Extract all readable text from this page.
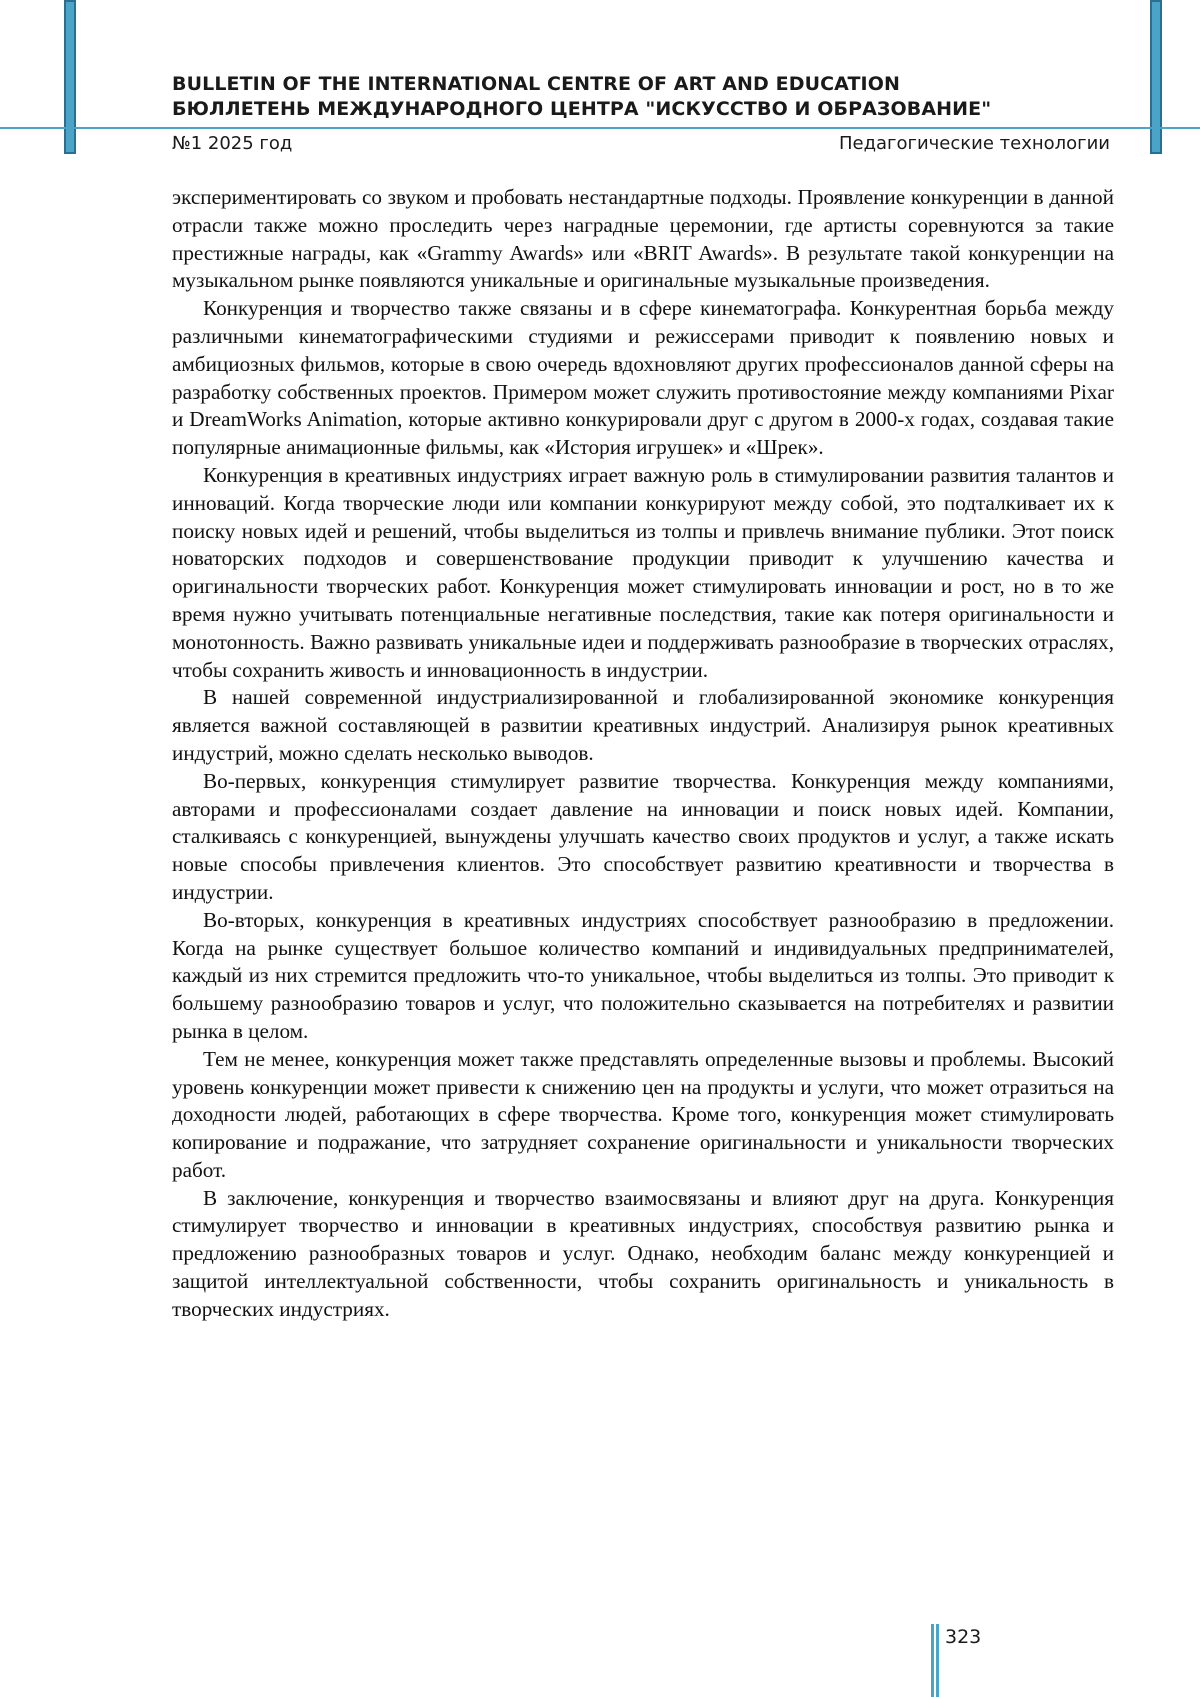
BULLETIN OF THE INTERNATIONAL CENTRE OF ART AND EDUCATION
БЮЛЛЕТЕНЬ МЕЖДУНАРОДНОГО ЦЕНТРА "ИСКУССТВО И ОБРАЗОВАНИЕ"
№1 2025 год	Педагогические технологии

экспериментировать со звуком и пробовать нестандартные подходы. Проявление конкуренции в данной отрасли также можно проследить через наградные церемонии, где артисты соревнуются за такие престижные награды, как «Grammy Awards» или «BRIT Awards». В результате такой конкуренции на музыкальном рынке появляются уникальные и оригинальные музыкальные произведения.

Конкуренция и творчество также связаны и в сфере кинематографа. Конкурентная борьба между различными кинематографическими студиями и режиссерами приводит к появлению новых и амбициозных фильмов, которые в свою очередь вдохновляют других профессионалов данной сферы на разработку собственных проектов. Примером может служить противостояние между компаниями Pixar и DreamWorks Animation, которые активно конкурировали друг с другом в 2000-х годах, создавая такие популярные анимационные фильмы, как «История игрушек» и «Шрек».

Конкуренция в креативных индустриях играет важную роль в стимулировании развития талантов и инноваций. Когда творческие люди или компании конкурируют между собой, это подталкивает их к поиску новых идей и решений, чтобы выделиться из толпы и привлечь внимание публики. Этот поиск новаторских подходов и совершенствование продукции приводит к улучшению качества и оригинальности творческих работ. Конкуренция может стимулировать инновации и рост, но в то же время нужно учитывать потенциальные негативные последствия, такие как потеря оригинальности и монотонность. Важно развивать уникальные идеи и поддерживать разнообразие в творческих отраслях, чтобы сохранить живость и инновационность в индустрии.

В нашей современной индустриализированной и глобализированной экономике конкуренция является важной составляющей в развитии креативных индустрий. Анализируя рынок креативных индустрий, можно сделать несколько выводов.

Во-первых, конкуренция стимулирует развитие творчества. Конкуренция между компаниями, авторами и профессионалами создает давление на инновации и поиск новых идей. Компании, сталкиваясь с конкуренцией, вынуждены улучшать качество своих продуктов и услуг, а также искать новые способы привлечения клиентов. Это способствует развитию креативности и творчества в индустрии.

Во-вторых, конкуренция в креативных индустриях способствует разнообразию в предложении. Когда на рынке существует большое количество компаний и индивидуальных предпринимателей, каждый из них стремится предложить что-то уникальное, чтобы выделиться из толпы. Это приводит к большему разнообразию товаров и услуг, что положительно сказывается на потребителях и развитии рынка в целом.

Тем не менее, конкуренция может также представлять определенные вызовы и проблемы. Высокий уровень конкуренции может привести к снижению цен на продукты и услуги, что может отразиться на доходности людей, работающих в сфере творчества. Кроме того, конкуренция может стимулировать копирование и подражание, что затрудняет сохранение оригинальности и уникальности творческих работ.

В заключение, конкуренция и творчество взаимосвязаны и влияют друг на друга. Конкуренция стимулирует творчество и инновации в креативных индустриях, способствуя развитию рынка и предложению разнообразных товаров и услуг. Однако, необходим баланс между конкуренцией и защитой интеллектуальной собственности, чтобы сохранить оригинальность и уникальность в творческих индустриях.

323
